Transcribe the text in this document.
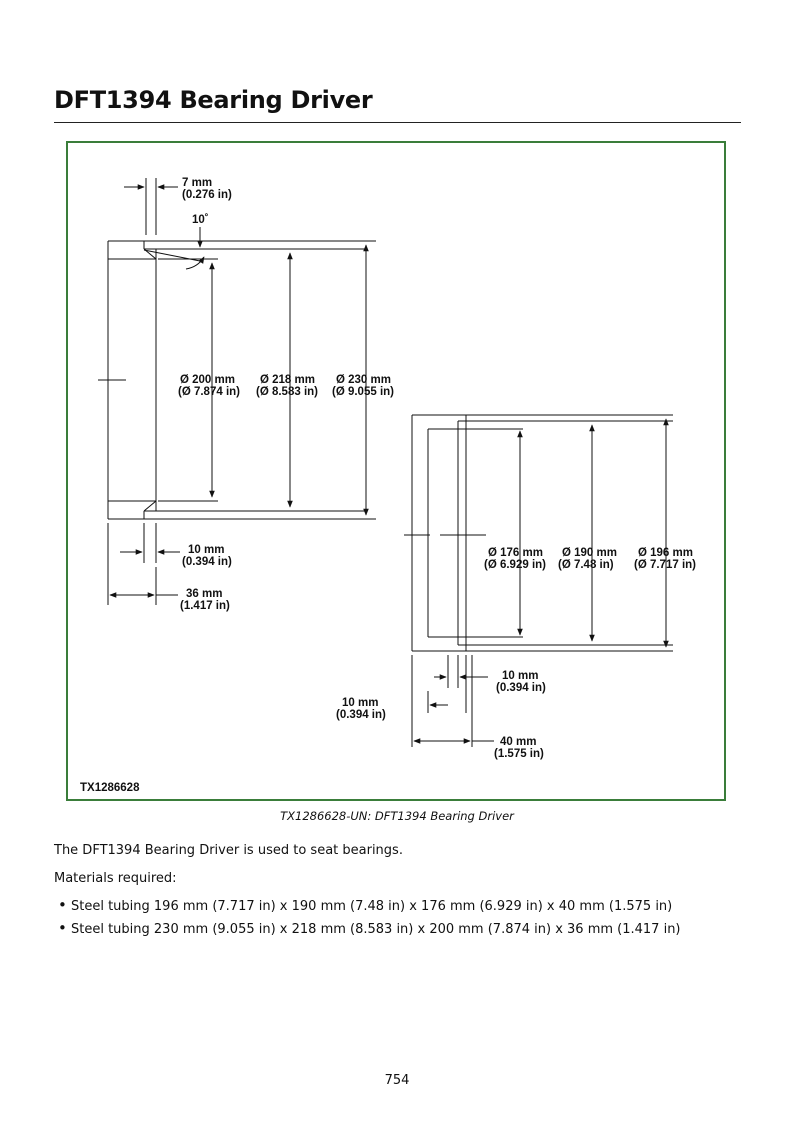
DFT1394 Bearing Driver
7 mm
(0.276 in)
10˚
Ø 200 mm
(Ø 7.874 in)
Ø 218 mm
(Ø 8.583 in)
Ø 230 mm
(Ø 9.055 in)
10 mm
(0.394 in)
36 mm
(1.417 in)
Ø 176 mm
(Ø 6.929 in)
Ø 190 mm
(Ø 7.48 in)
Ø 196 mm
(Ø 7.717 in)
10 mm
(0.394 in)
10 mm
(0.394 in)
40 mm
(1.575 in)
TX1286628
TX1286628-UN: DFT1394 Bearing Driver
The DFT1394 Bearing Driver is used to seat bearings.
Materials required:
• Steel tubing 196 mm (7.717 in) x 190 mm (7.48 in) x 176 mm (6.929 in) x 40 mm (1.575 in)
• Steel tubing 230 mm (9.055 in) x 218 mm (8.583 in) x 200 mm (7.874 in) x 36 mm (1.417 in)
754
